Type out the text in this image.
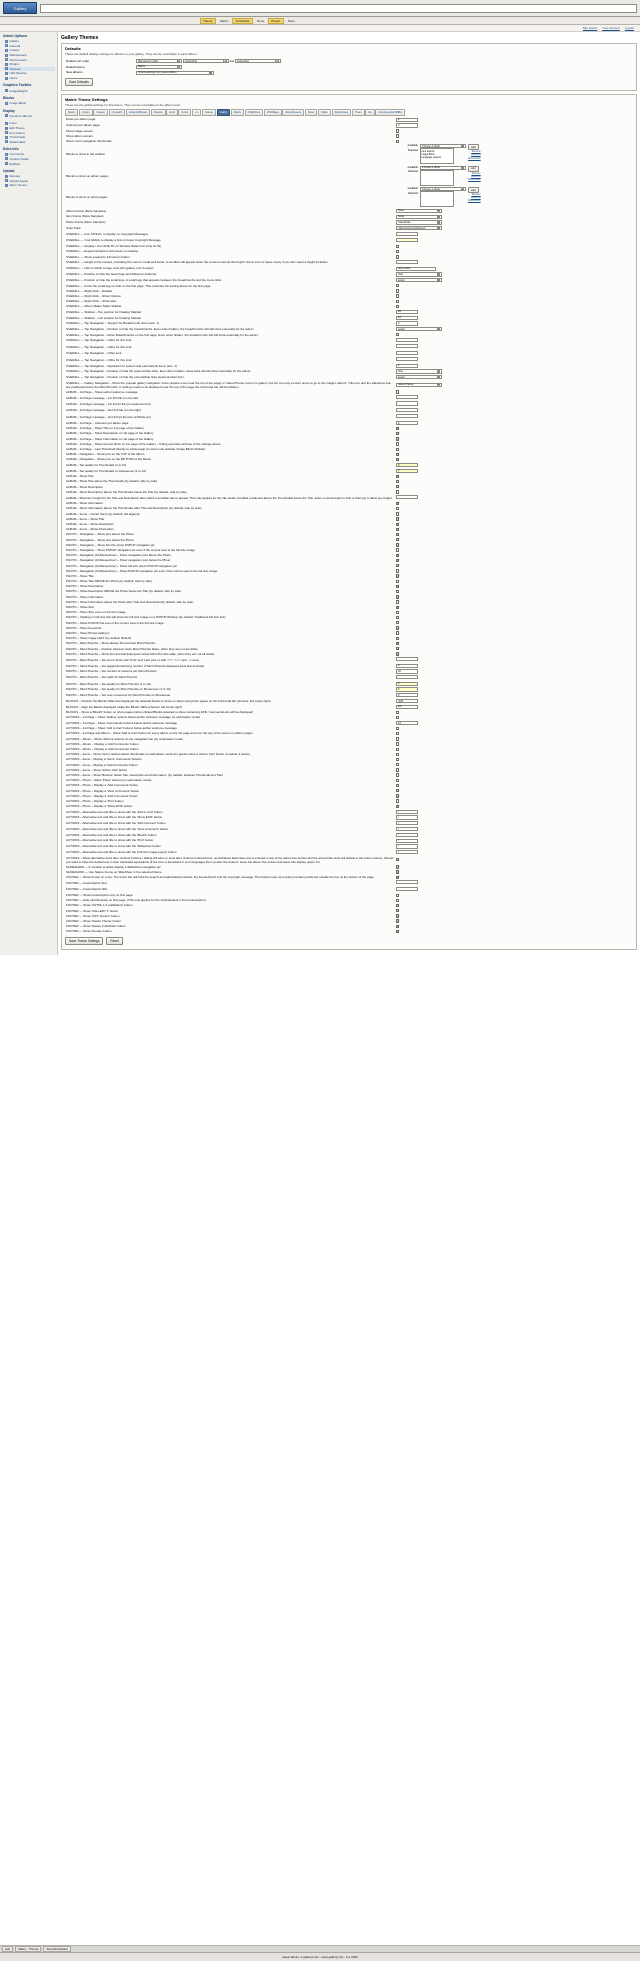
Gallery
Theme:	Matrix	ColorPack:	None	Preset:	None
Site Admin Your Account Logout
Admin Options
Gallery
General
Groups
Maintenance
Performance
Plugins
Themes
URL Rewrite
Users
Graphics Toolkits
ImageMagick
Blocks
Image Block
Display
Dynamic Albums
Icons
Edit Theme
Item Admin
Thumbnails
Watermarks
Extra Info
Comments
Custom Fields
Exif/Iptc
Upload
Remote
Upload Applet
Web / Server
Gallery Themes
Defaults
These are default display settings for albums in your gallery. They can be overridden in each album.
Default sort order	Manual sort order	▾
	Ascending	▾	and Ascending	▾

Default theme	Matrix ▾

New albums	Inherit settings from parent album ▾
Save Defaults
Matrix Theme Settings
These are the global settings for this theme. They can be overridden in the album level.
Matrix	Colors	Classic	Crystal/X	Eclectic/Bloods	Floatrix	Hind	Kurtis	x.1	Nature	matrix	Matrix	PhilipMore	PNGBase	RoseFlowers	Siriez	Slider	StyleSheep	Tham	tile	(the)ApostolicABBA
Rows per album page:	4
Columns per album page:	4
Show image owners	
Show album owners	
Show micro navigation thumbnails	
Blocks to show in the sidebar	
Available
Selected
Choose a block	▾

Item actions
Image Block
Language selector
Add
Remove
Move Up
Move Down

Blocks to show on album pages	
Available
Selected
Choose a block	▾	Add
Remove
Move Up
Move Down

Blocks to show on photo pages	
Available
Selected
Choose a block	▾	Add
Remove
Move Up
Move Down

Album Frame (More Samples)	None ▾

Item Frame (More Samples)	None ▾

Photo Frame (More Samples)	naturePale ▾

Color Pack	natureGreenCashGreen ▾

OVERALL — Icon SITE ID: to display on Copyright Messages	
OVERALL — Your EMAIL to display a link on footer Copyright Message	
OVERALL — Display / Icon SITE ID: on Window Status bar (only for IE)	
OVERALL — Expand window to full screen on loading	
OVERALL — Show expand to full screen button	
OVERALL — Height of the content, excluding the menu's, head and footer. A scrollbar will appear when the content extends this height. Set to zero or leave empty if you don't want a height limitation.	
OVERALL — URL to which to logo must link (gallery root if empty)	http://www.
OVERALL — Position to hide the head (logo and fullscreen buttons).	hide ▾

OVERALL — Position or hide the small logo. A small logo that appears between the breadcrumbs and the menu links.	select ▾

OVERALL — Force the small logo to hide on the first page. This overrides the setting above for the first page.	
OVERALL — Right Click – Disable	
OVERALL — Right Click – Show Options	
OVERALL — Right Click – Show alert	
OVERALL — Album Maker Static Sidebar	
OVERALL — Sidebar – Top position for Floating Sidebar	20
OVERALL — Sidebar – Left position for Floating Sidebar	10
OVERALL — Top Navigation – Support for BreadCrumb Items (acc. 1)	4
OVERALL — Top Navigation – Position or hide the breadCrumbs. Even when hidden, the breadCrumbs will still show externally for the admin.	select ▾

OVERALL — Top Navigation – Move BreadCrumbs on the first page, Even when hidden, the breadCrumbs will still show externally for the admin.	
OVERALL — Top Navigation – URLs for this Link	
OVERALL — Top Navigation – URLs for this Link	
OVERALL — Top Navigation – Other Link	
OVERALL — Top Navigation – URLs for this Link	
OVERALL — Top Navigation – Separator for system and external link items (acc. 1)	1
OVERALL — Top Navigation – Position or hide the system/other links. Even when hidden, these links will still show externally for the admin.	hide ▾

OVERALL — Top Navigation – Position or hide the external/site links (systemLinks/x.Ip1).	select ▾

OVERALL — Gallery Navigation – Show the 'popular gallery navigation' icons (square icons near the top of the page) or 'natureTheme' icons (no gallery root list, but only a return arrow to go to the image's album). This icon and the slideshow icon are positioned below the MicroThumbs. If nothing needs to be displayed near the top of the page the horizontal bar will be hidden.)	natureTheme ▾

ALBUM – 1st Page – Show author welcome message	
ALBUM – 1st Page message – 1st Intl title (on the left)	
ALBUM – 1st Page message – 1st Intl Ipt file (on equipment Ipt)	
ALBUM – 1st Page message – 2nd Intl title (on the right)	
ALBUM – 1st Page message – 2nd Intl Ipt file (acc.onWhole Ipt)	
ALBUM – 1st Page – Columns per album page	2
ALBUM – 1st Page – Show Title on 1st page of the Gallery	✔
ALBUM – 1st Page – Show Description on 1st page of the Gallery	✔
ALBUM – 1st Page – Show Information on 1st page of the Gallery	✔
ALBUM – 1st Page – Show the text block on 1st page of the Gallery – hiding overrides all three of the settings above	
ALBUM – 1st Page – Last Thumbnail directly to whole page (to work must activate 'Image Block' Module)	
ALBUM – Navigation – Show pics on the TOP of the Album	✔
ALBUM – Navigation – Show pics on the BOTTOM of the Album	✔
ALBUM – Set quality for Thumbnails (1 to 10)	5
ALBUM – Set quality for Thumbnails on Mouseover (1 to 10)	5
ALBUM – Show Title	✔
ALBUM – Show Title above the Thumbnails (by default: side by side)	
ALBUM – Show Description	✔
ALBUM – Show Description above the Thumbnails below the Title (by default: side by side)	
ALBUM – Maximum height for the Title and Description after which a scrollbar has to appear. This only applies for the title and/or scrollbar positioned above the Thumbnails below the Title. Enter a usual height to limit or 0/empty to allow any height.	
ALBUM – Show Information	✔
ALBUM – Show Information above the Thumbnails after Title and Description (by default: side by side)	
ALBUM – Items – Center Items (by default: left aligned)	
ALBUM – Items – Show Title	✔
ALBUM – Items – Show Description	✔
ALBUM – Items – Show Information	✔
PHOTO – Navigation – Show pics above the Photo	✔
PHOTO – Navigation – Show pics below the Photo	✔
PHOTO – Navigation – Show full size photo POPUP navigation pic	✔
PHOTO – Navigation – Show POPUP navigation pic even if the current view is the full size image	
PHOTO – Navigation (OnMouseOver) – Show navigation pics above the Photo	✔
PHOTO – Navigation (OnMouseOver) – Show navigation pics below the Photo	✔
PHOTO – Navigation (OnMouseOver) – Show full size photo POPUP navigation pic	✔
PHOTO – Navigation (OnMouseOver) – Show POPUP navigation pic even if the current view is the full size image	
PHOTO – Show Title	✔
PHOTO – Show Title ABOVE the Photo (by default: side by side)	
PHOTO – Show Description	✔
PHOTO – Show Description ABOVE the Photo below the Title (by default: side by side)	
PHOTO – Show Information	✔
PHOTO – Show Information above the Photo after Title and Description(by default: side by side)	
PHOTO – Show Size	✔
PHOTO – Show Size even on full size image	
PHOTO – Clicking on full size link will show the full size image on a POPUP Window (by default: Traditional full size link)	
PHOTO – Show POPUP link even if the current view is the full size image	
PHOTO – Show Keywords	✔
PHOTO – Show Photos fading in	
PHOTO – Show image LEFT (by default: RIGHT)	
PHOTO – MicroThumbs – Show always first and last MicroThumbs	✔
PHOTO – MicroThumbs – Position between twice MicroThumbs fades, when they are not all visible	✔
PHOTO – MicroThumbs – Show first and last linked pics below MicroThumbs table, when they are not all visible	✔
PHOTO – MicroThumbs – Set text to show with 'First' and 'Last' pics or with '<<<' '>>>' (acc. = none)	
PHOTO – MicroThumbs – Set (page/introductory) number of MicroThumbs displayed (plus first and last)	0
PHOTO – MicroThumbs – Set number of columns per MicroThumbs	40
PHOTO – MicroThumbs – Set width for MicroThumbs	
PHOTO – MicroThumbs – Set quality for MicroThumbs (1 to 10)	5
PHOTO – MicroThumbs – Set quality for MicroThumbs on Mouseover (1 to 10)	5
PHOTO – MicroThumbs – Set max movement for MicroThumbs on Mouseover	2
BLOCKS – Position the Blocks Table that displayed the selected blocks to show on album and photo pages on the horizontal bar (choices: left,center,right)	right
BLOCKS – Align the Blocks displayed inside the Blocks Table (choices: left,center,right)	left
BLOCKS – Show a 'BlockX' button on photo pages (when clicked Blocks selected to show containing EXIF, CommentsLists will be displayed)	
ACTIONS – 1st Page – Show 'Gallery' actions below author welcome message (or webmaster mode)	
ACTIONS – 1st Page – Show 'Commands' buttons below author welcome message	10
ACTIONS – 1st Page – Show 'Add to Cart' buttons below author welcome message	
ACTIONS – 1st Page and Album – Show 'Add to Cart' button for every album on the 1st page and over the top of the screen on album pages	
ACTIONS – Album – Show 'Albums' actions on top navigation bar (on webmaster mode)	
ACTIONS – Album – Display a 'Add Comments' button	
ACTIONS – Album – Display a 'Add Comments' button	
ACTIONS – Items – Show 'Items' actions below thumbnails on webmaster mode (for guests show a 'Add to Cart' button if module is active)	
ACTIONS – Items – Display a 'Items' Comments' buttons	
ACTIONS – Items – Display a 'Add Comments' button	
ACTIONS – Items – Show 'Add to Cart' button	
ACTIONS – Items – Show 'Buttons' below Title, Description and Information. (by default: between Thumbnail and Title)	
ACTIONS – Photo – Show 'Photo' actions (on webmaster mode)	
ACTIONS – Photo – Display a 'Add Comments' button	
ACTIONS – Photo – Display a 'View Comments' button	✔
ACTIONS – Photo – Display a 'Add Comments' button	✔
ACTIONS – Photo – Display a 'Print' button	
ACTIONS – Photo – Display a 'Show EXIF' button	✔
ACTIONS – Alternative text and title to show with the 'Add to Cart' button	/
ACTIONS – Alternative text and title to show with the 'Show EXIF' button	/
ACTIONS – Alternative text and title to show with the 'Add comment' button	/
ACTIONS – Alternative text and title to show with the 'View comments' button	/
ACTIONS – Alternative text and title to show with the 'BlockX' button	/
ACTIONS – Alternative text and title to show with the 'Print' button	/
ACTIONS – Alternative text and title to show with the 'Slideshow' button	/
ACTIONS – Alternative text and title to show with the 'Full size image popup' button	/
ACTIONS – Show alternative texts after 'Actions' buttons / Hiding will also no texts after 'Actions' buttons/icons, nevertheless alternative text is entered in any of the above five entries and the alt and title texts will default to the button names. Should you want to have the default text in their translated equivalents (if the time is translated in your language) then up after the buttons; leave the above five entries and leave this display option Tot.	✔
SLIDESHOW — If 'module' is active display a SlideShow navigation pic	✔
SLIDESHOW — Use Nature theme on SlideShow In the selected theme	✔
FOOTER — Show Footer on a top. The footer bar will hold the search and add-thankout blocks, the FooterA/print and the copyright message. The buttons (see next option) remain positioned outside the bar, at the bottom of the page.	✔
FOOTER — FooterA/print Text	
FOOTER — FooterA/print URL	
FOOTER — Show FooterA/print only on first page	
FOOTER — Hide cart/checkout on first page. (This only applies for the cart/checkout in the FooterA/print)	
FOOTER — Show 'XHTML 1.0 (validation)' button	✔
FOOTER — Show 'GALLERY 2' button	✔
FOOTER — Show 'CSS' Version' button	✔
FOOTER — Show 'Nature Theme' button	✔
FOOTER — Show 'Nature ColorPack' button	✔
FOOTER — Show 'Donate' button	✔
Save Theme Settings	Reset
start	Gallery :: Themes	Site Administration
select album: a gallery2 (ko - www.gallery) (ko - 0.1 2005
